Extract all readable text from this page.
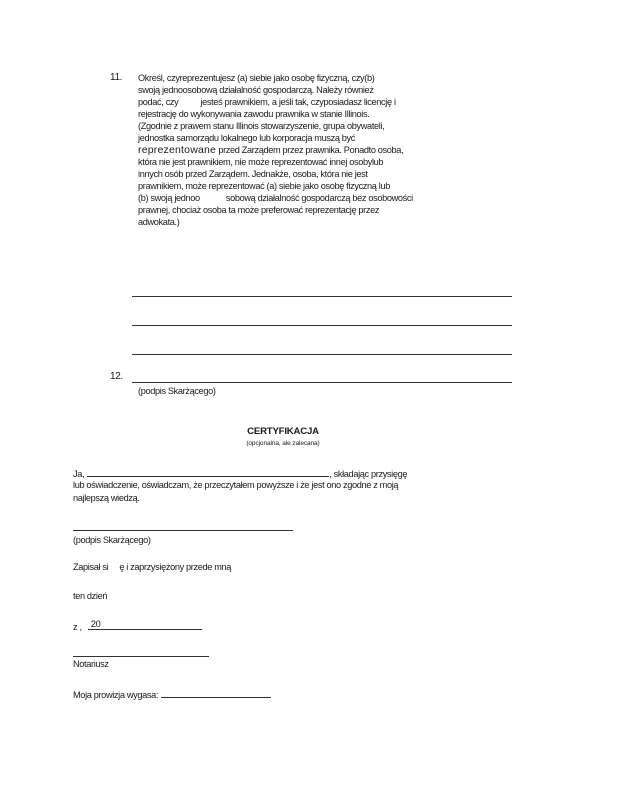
11. Określ, czyreprezentujesz (a) siebie jako osobę fizyczną, czy(b)
swoją jednoosobową działalność gospodarczą. Należy również
podać, czy jesteś prawnikiem, a jeśli tak, czyposiadasz licencję i
rejestrację do wykonywania zawodu prawnika w stanie Illinois.
(Zgodnie z prawem stanu Illinois stowarzyszenie, grupa obywateli,
jednostka samorządu lokalnego lub korporacja muszą być
reprezentowane przed Zarządem przez prawnika. Ponadto osoba,
która nie jest prawnikiem, nie może reprezentować innej osobylub
innych osób przed Zarządem. Jednakże, osoba, która nie jest
prawnikiem, może reprezentować (a) siebie jako osobę fizyczną lub
(b) swoją jednoo	sobową działalność gospodarczą bez osobowości
prawnej, chociaż osoba ta może preferować reprezentację przez
adwokata.)
12.
(podpis Skarżącego)
CERTYFIKACJA
(opcjonalna, ale zalecana)
Ja,	, składając przysięgę
lub oświadczenie, oświadczam, że przeczytałem powyższe i że jest ono zgodne z moją
najlepszą wiedzą.
(podpis Skarżącego)
Zapisał si ę i zaprzysiężony przede mną
ten dzień
z , 20
Notariusz
Moja prowizja wygasa:
